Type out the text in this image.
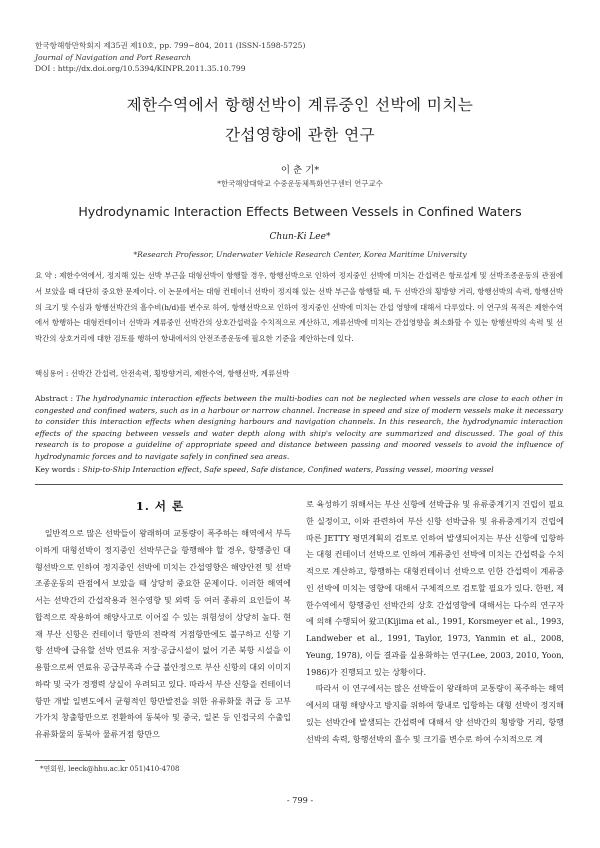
한국항해항만학회지 제35권 제10호, pp. 799~804, 2011 (ISSN-1598-5725)
Journal of Navigation and Port Research
DOI : http://dx.doi.org/10.5394/KINPR.2011.35.10.799
제한수역에서 항행선박이 계류중인 선박에 미치는
간섭영향에 관한 연구
이 춘 기*
*한국해양대학교 수중운동체특화연구센터 연구교수
Hydrodynamic Interaction Effects Between Vessels in Confined Waters
Chun-Ki Lee*
*Research Professor, Underwater Vehicle Research Center, Korea Maritime University
요 약 : 제한수역에서, 정지해 있는 선박 부근을 대형선박이 항행할 경우, 항행선박으로 인하여 정지중인 선박에 미치는 간섭력은 항로설계 및 선박조종운동의 관점에서 보았을 때 대단히 중요한 문제이다. 이 논문에서는 대형 컨테이너 선박이 정지해 있는 선박 부근을 항행할 때, 두 선박간의 횡방향 거리, 항행선박의 속력, 항행선박의 크기 및 수심과 항행선박간의 흘수비(h/d)를 변수로 하여, 항행선박으로 인하여 정지중인 선박에 미치는 간섭 영향에 대해서 다루었다. 이 연구의 목적은 제한수역에서 항행하는 대형컨테이너 선박과 계류중인 선박간의 상호간섭력을 수치적으로 계산하고, 계류선박에 미치는 간섭영향을 최소화할 수 있는 항행선박의 속력 및 선박간의 상호거리에 대한 검토를 행하여 항내에서의 안전조종운동에 필요한 기준을 제안하는데 있다.
핵심용어 : 선박간 간섭력, 안전속력, 횡방향거리, 제한수역, 항행선박, 계류선박
Abstract : The hydrodynamic interaction effects between the multi-bodies can not be neglected when vessels are close to each other in congested and confined waters, such as in a harbour or narrow channel. Increase in speed and size of modern vessels make it necessary to consider this interaction effects when designing harbours and navigation channels. In this research, the hydrodynamic interaction effects of the spacing between vessels and water depth along with ship's velocity are summarized and discussed. The goal of this research is to propose a guideline of appropriate speed and distance between passing and moored vessels to avoid the influence of hydrodynamic forces and to navigate safely in confined sea areas.
Key words : Ship-to-Ship Interaction effect, Safe speed, Safe distance, Confined waters, Passing vessel, mooring vessel
1. 서 론

일반적으로 많은 선박들이 왕래하며 교통량이 폭주하는 해역에서 부득이하게 대형선박이 정지중인 선박부근을 항행해야 할 경우, 항행중인 대형선박으로 인하여 정지중인 선박에 미치는 간섭영향은 해양안전 및 선박조종운동의 관점에서 보았을 때 상당히 중요한 문제이다. 이러한 해역에서는 선박간의 간섭작용과 천수영향 및 외력 등 여러 종류의 요인들이 복합적으로 작용하여 해양사고로 이어질 수 있는 위험성이 상당히 높다. 현재 부산 신항은 컨테이너 항만의 전략적 거점항만에도 불구하고 신항 기항 선박에 급유할 선박 연료유 저장·공급시설이 없어 기존 북항 시설을 이용함으로써 연료유 공급부족과 수급 불안정으로 부산 신항의 대외 이미지 하락 및 국가 경쟁력 상실이 우려되고 있다. 따라서 부산 신항을 컨테이너 항만 개발 일변도에서 균형적인 항만발전을 위한 유류화물 취급 등 고부가가치 창출항만으로 전환하여 동북아 및 중국, 일본 등 인접국의 수출입 유류화물의 동북아 물류거점 항만으

로 육성하기 위해서는 부산 신항에 선박급유 및 유류중계기지 건립이 필요한 실정이고, 이와 관련하여 부산 신항 선박급유 및 유류중계기지 건립에 따른 JETTY 평면계획의 검토로 인하여 발생되어지는 부산 신항에 입항하는 대형 컨테이너 선박으로 인하여 계류중인 선박에 미치는 간섭력을 수치적으로 계산하고, 항행하는 대형컨테이너 선박으로 인한 간섭력이 계류중인 선박에 미치는 영향에 대해서 구체적으로 검토할 필요가 있다. 한편, 제한수역에서 항행중인 선박간의 상호 간섭영향에 대해서는 다수의 연구자에 의해 수행되어 왔고(Kijima et al., 1991, Korsmeyer et al., 1993, Landweber et al., 1991, Taylor, 1973, Yanmin et al., 2008, Yeung, 1978), 이들 결과를 실용화하는 연구(Lee, 2003, 2010, Yoon, 1986)가 진행되고 있는 상황이다.

따라서 이 연구에서는 많은 선박들이 왕래하며 교통량이 폭주하는 해역에서의 대형 해양사고 방지를 위하여 항내로 입항하는 대형 선박이 정지해있는 선박간에 발생되는 간섭력에 대해서 양 선박간의 횡방향 거리, 항행선박의 속력, 항행선박의 흘수 및 크기를 변수로 하여 수치적으로 계

*연회원, leeck@hhu.ac.kr 051)410-4708
- 799 -
